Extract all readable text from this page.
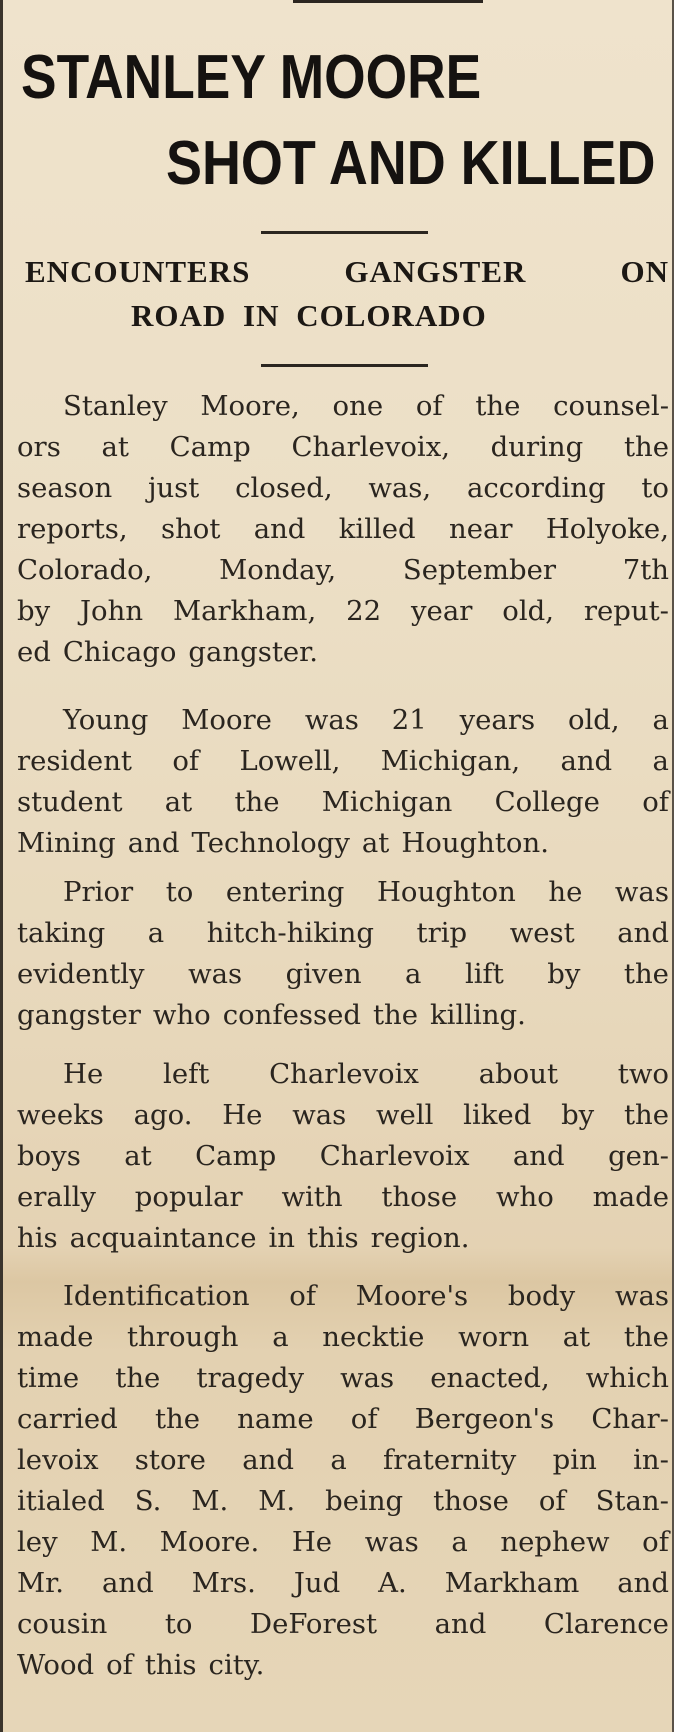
STANLEY MOORE
SHOT AND KILLED
ENCOUNTERS	GANGSTER	ON
ROAD IN COLORADO
Stanley Moore, one of the counsel-
ors at Camp Charlevoix, during the
season just closed, was, according to
reports, shot and killed near Holyoke,
Colorado, Monday, September 7th
by John Markham, 22 year old, reput-
ed Chicago gangster.
Young Moore was 21 years old, a
resident of Lowell, Michigan, and a
student at the Michigan College of
Mining and Technology at Houghton.
Prior to entering Houghton he was
taking a hitch-hiking trip west and
evidently was given a lift by the
gangster who confessed the killing.
He left Charlevoix about two
weeks ago. He was well liked by the
boys at Camp Charlevoix and gen-
erally popular with those who made
his acquaintance in this region.
Identification of Moore's body was
made through a necktie worn at the
time the tragedy was enacted, which
carried the name of Bergeon's Char-
levoix store and a fraternity pin in-
itialed S. M. M. being those of Stan-
ley M. Moore. He was a nephew of
Mr. and Mrs. Jud A. Markham and
cousin to DeForest and Clarence
Wood of this city.
